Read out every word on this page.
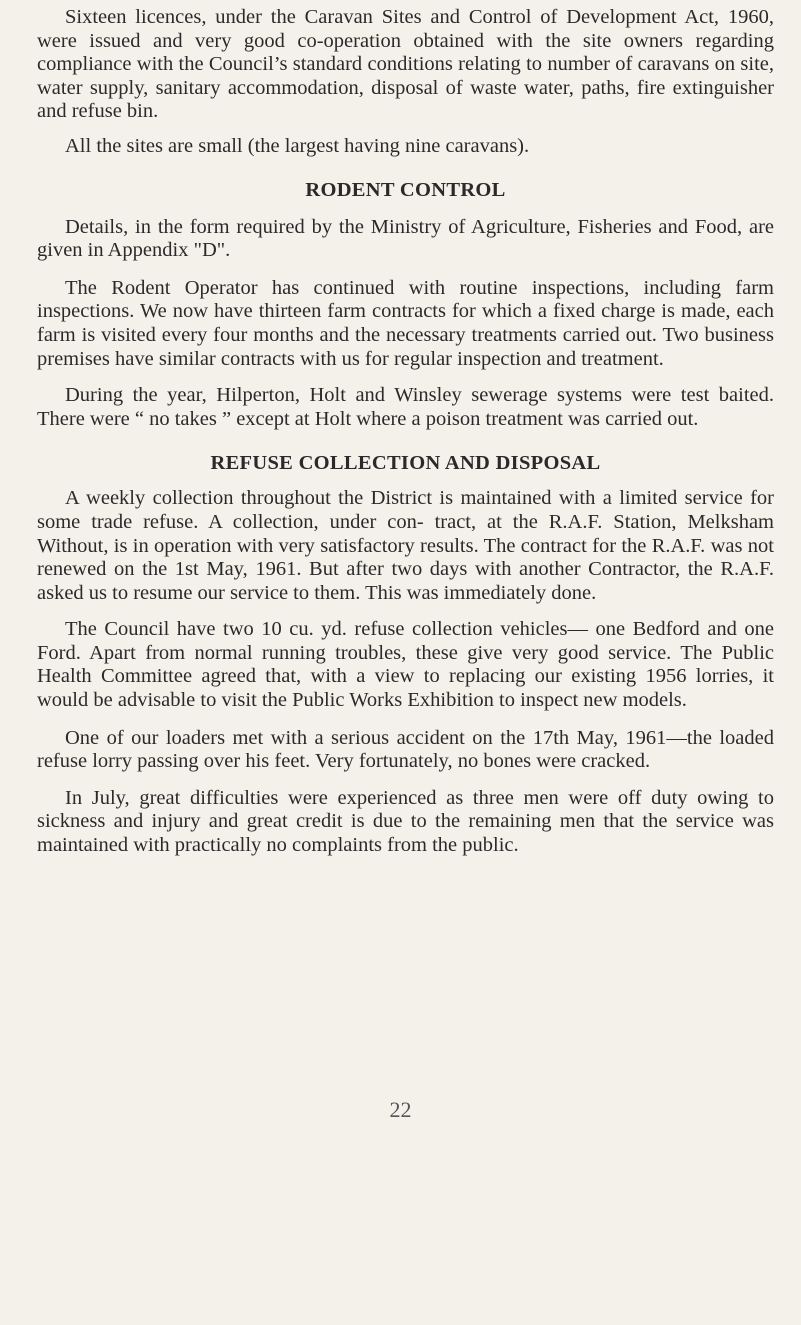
Sixteen licences, under the Caravan Sites and Control of Development Act, 1960, were issued and very good co-operation obtained with the site owners regarding compliance with the Council’s standard conditions relating to number of caravans on site, water supply, sanitary accommodation, disposal of waste water, paths, fire extinguisher and refuse bin.

All the sites are small (the largest having nine caravans).

RODENT CONTROL

Details, in the form required by the Ministry of Agriculture, Fisheries and Food, are given in Appendix "D".

The Rodent Operator has continued with routine inspections, including farm inspections. We now have thirteen farm contracts for which a fixed charge is made, each farm is visited every four months and the necessary treatments carried out. Two business premises have similar contracts with us for regular inspection and treatment.

During the year, Hilperton, Holt and Winsley sewerage systems were test baited. There were “ no takes ” except at Holt where a poison treatment was carried out.

REFUSE COLLECTION AND DISPOSAL

A weekly collection throughout the District is maintained with a limited service for some trade refuse. A collection, under con- tract, at the R.A.F. Station, Melksham Without, is in operation with very satisfactory results. The contract for the R.A.F. was not renewed on the 1st May, 1961. But after two days with another Contractor, the R.A.F. asked us to resume our service to them. This was immediately done.

The Council have two 10 cu. yd. refuse collection vehicles— one Bedford and one Ford. Apart from normal running troubles, these give very good service. The Public Health Committee agreed that, with a view to replacing our existing 1956 lorries, it would be advisable to visit the Public Works Exhibition to inspect new models.

One of our loaders met with a serious accident on the 17th May, 1961—the loaded refuse lorry passing over his feet. Very fortunately, no bones were cracked.

In July, great difficulties were experienced as three men were off duty owing to sickness and injury and great credit is due to the remaining men that the service was maintained with practically no complaints from the public.

22
